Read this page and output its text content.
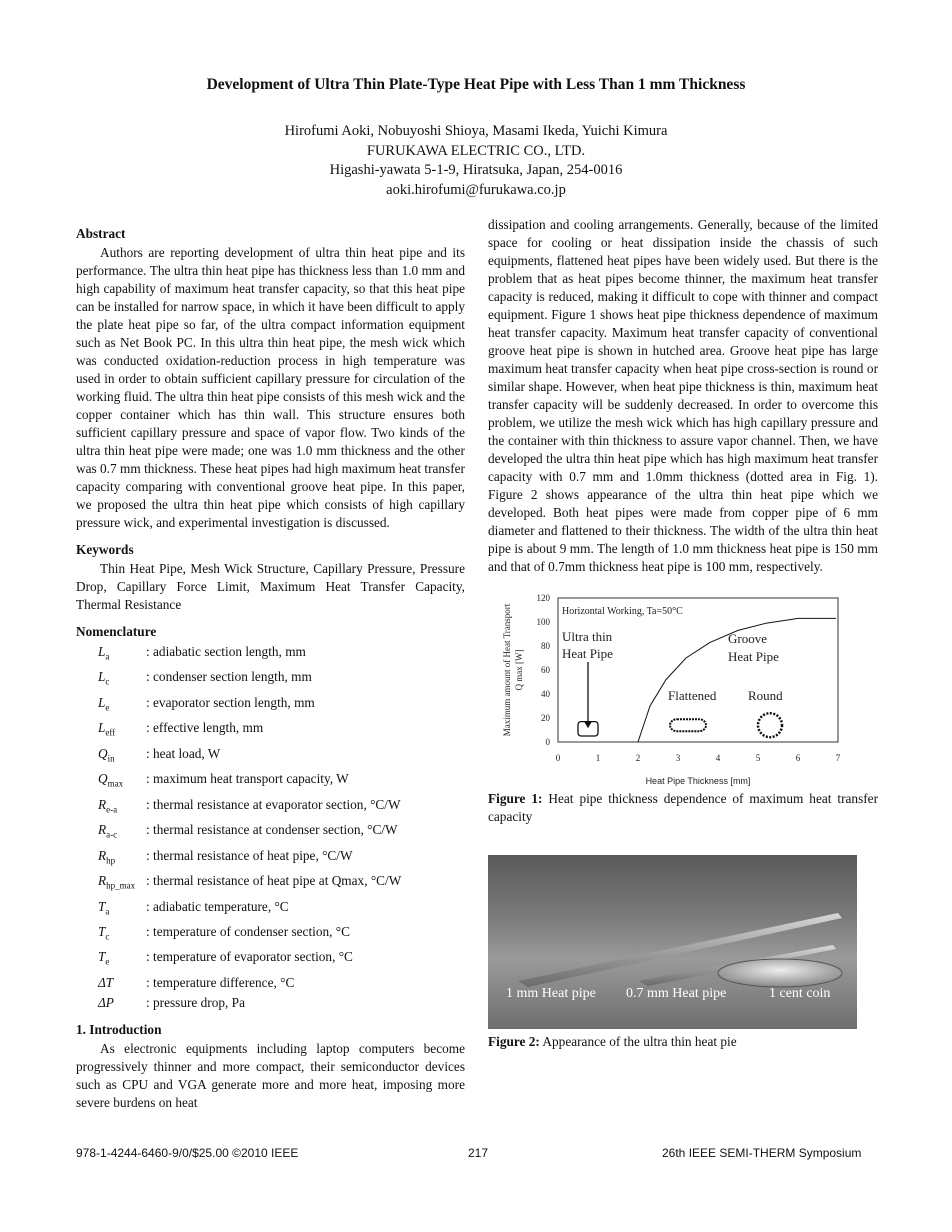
Development of Ultra Thin Plate-Type Heat Pipe with Less Than 1 mm Thickness
Hirofumi Aoki, Nobuyoshi Shioya, Masami Ikeda, Yuichi Kimura
FURUKAWA ELECTRIC CO., LTD.
Higashi-yawata 5-1-9, Hiratsuka, Japan, 254-0016
aoki.hirofumi@furukawa.co.jp
Abstract

Authors are reporting development of ultra thin heat pipe and its performance. The ultra thin heat pipe has thickness less than 1.0 mm and high capability of maximum heat transfer capacity, so that this heat pipe can be installed for narrow space, in which it have been difficult to apply the plate heat pipe so far, of the ultra compact information equipment such as Net Book PC. In this ultra thin heat pipe, the mesh wick which was conducted oxidation-reduction process in high temperature was used in order to obtain sufficient capillary pressure for circulation of the working fluid. The ultra thin heat pipe consists of this mesh wick and the copper container which has thin wall. This structure ensures both sufficient capillary pressure and space of vapor flow. Two kinds of the ultra thin heat pipe were made; one was 1.0 mm thickness and the other was 0.7 mm thickness. These heat pipes had high maximum heat transfer capacity comparing with conventional groove heat pipe. In this paper, we proposed the ultra thin heat pipe which consists of high capillary pressure wick, and experimental investigation is discussed.

Keywords

Thin Heat Pipe, Mesh Wick Structure, Capillary Pressure, Pressure Drop, Capillary Force Limit, Maximum Heat Transfer Capacity, Thermal Resistance

Nomenclature
$L_a$	: adiabatic section length, mm
$L_c$	: condenser section length, mm
$L_e$	: evaporator section length, mm
$L_{eff}$	: effective length, mm
$Q_{in}$	: heat load, W
$Q_{max}$	: maximum heat transport capacity, W
$R_{e-a}$	: thermal resistance at evaporator section, °C/W
$R_{a-c}$	: thermal resistance at condenser section, °C/W
$R_{hp}$	: thermal resistance of heat pipe, °C/W
$R_{hp\_max}$ : thermal resistance of heat pipe at Qmax, °C/W
$T_a$	: adiabatic temperature, °C
$T_c$	: temperature of condenser section, °C
$T_e$	: temperature of evaporator section, °C
ΔT	: temperature difference, °C
ΔP	: pressure drop, Pa
1. Introduction

As electronic equipments including laptop computers become progressively thinner and more compact, their semiconductor devices such as CPU and VGA generate more and more heat, imposing more severe burdens on heat

dissipation and cooling arrangements. Generally, because of the limited space for cooling or heat dissipation inside the chassis of such equipments, flattened heat pipes have been widely used. But there is the problem that as heat pipes become thinner, the maximum heat transfer capacity is reduced, making it difficult to cope with thinner and compact equipment. Figure 1 shows heat pipe thickness dependence of maximum heat transfer capacity. Maximum heat transfer capacity of conventional groove heat pipe is shown in hutched area. Groove heat pipe has large maximum heat transfer capacity when heat pipe cross-section is round or similar shape. However, when heat pipe thickness is thin, maximum heat transfer capacity will be suddenly decreased. In order to overcome this problem, we utilize the mesh wick which has high capillary pressure and the container with thin thickness to assure vapor channel. Then, we have developed the ultra thin heat pipe which has high maximum heat transfer capacity with 0.7 mm and 1.0mm thickness (dotted area in Fig. 1). Figure 2 shows appearance of the ultra thin heat pipe which we developed. Both heat pipes were made from copper pipe of 6 mm diameter and flattened to their thickness. The width of the ultra thin heat pipe is about 9 mm. The length of 1.0 mm thickness heat pipe is 150 mm and that of 0.7mm thickness heat pipe is 100 mm, respectively.

0
20
40
60
80
100
120
0	1	2	3	4	5	6	7
Heat Pipe Thickness [mm]
Maximum amount of Heat Transport Q max [W]
Horizontal Working, Ta=50°C
Ultra thin
Heat Pipe
Groove
Heat Pipe
Flattened Round

Figure 1: Heat pipe thickness dependence of maximum heat transfer capacity

1 mm Heat pipe 0.7 mm Heat pipe	1 cent coin

Figure 2: Appearance of the ultra thin heat pie

978-1-4244-6460-9/0/$25.00 ©2010 IEEE	217	26th IEEE SEMI-THERM Symposium
